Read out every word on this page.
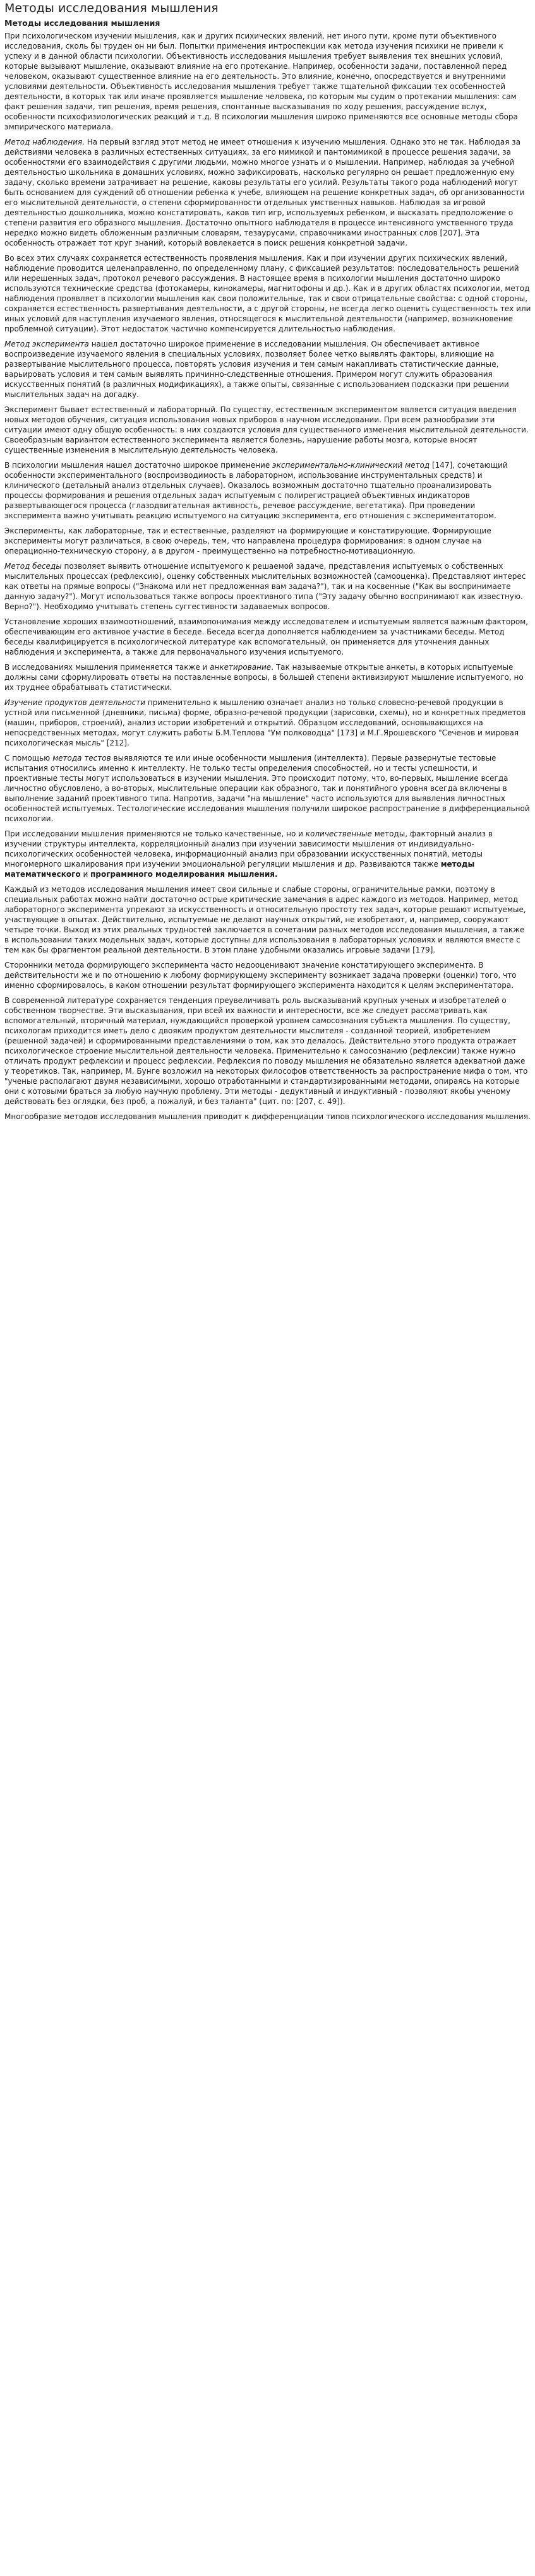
Методы исследования мышления
Методы исследования мышления

При психологическом изучении мышления, как и других психических явлений, нет иного пути, кроме пути объективного исследования, сколь бы труден он ни был. Попытки применения интроспекции как метода изучения психики не привели к успеху и в данной области психологии. Объективность исследования мышления требует выявления тех внешних условий, которые вызывают мышление, оказывают влияние на его протекание. Например, особенности задачи, поставленной перед человеком, оказывают существенное влияние на его деятельность. Это влияние, конечно, опосредствуется и внутренними условиями деятельности. Объективность исследования мышления требует также тщательной фиксации тех особенностей деятельности, в которых так или иначе проявляется мышление человека, по которым мы судим о протекании мышления: сам факт решения задачи, тип решения, время решения, спонтанные высказывания по ходу решения, рассуждение вслух, особенности психофизиологических реакций и т.д. В психологии мышления широко применяются все основные методы сбора эмпирического материала.

Метод наблюдения. На первый взгляд этот метод не имеет отношения к изучению мышления. Однако это не так. Наблюдая за действиями человека в различных естественных ситуациях, за его мимикой и пантомимикой в процессе решения задачи, за особенностями его взаимодействия с другими людьми, можно многое узнать и о мышлении. Например, наблюдая за учебной деятельностью школьника в домашних условиях, можно зафиксировать, насколько регулярно он решает предложенную ему задачу, сколько времени затрачивает на решение, каковы результаты его усилий. Результаты такого рода наблюдений могут быть основанием для суждений об отношении ребенка к учебе, влияющем на решение конкретных задач, об организованности его мыслительной деятельности, о степени сформированности отдельных умственных навыков. Наблюдая за игровой деятельностью дошкольника, можно констатировать, каков тип игр, используемых ребенком, и высказать предположение о степени развития его образного мышления. Достаточно опытного наблюдателя в процессе интенсивного умственного труда нередко можно видеть обложенным различным словарям, тезаурусами, справочниками иностранных слов [207]. Эта особенность отражает тот круг знаний, который вовлекается в поиск решения конкретной задачи.

Во всех этих случаях сохраняется естественность проявления мышления. Как и при изучении других психических явлений, наблюдение проводится целенаправленно, по определенному плану, с фиксацией результатов: последовательность решений или нерешенных задач, протокол речевого рассуждения. В настоящее время в психологии мышления достаточно широко используются технические средства (фотокамеры, кинокамеры, магнитофоны и др.). Как и в других областях психологии, метод наблюдения проявляет в психологии мышления как свои положительные, так и свои отрицательные свойства: с одной стороны, сохраняется естественность развертывания деятельности, а с другой стороны, не всегда легко оценить существенность тех или иных условий для наступления изучаемого явления, относящегося к мыслительной деятельности (например, возникновение проблемной ситуации). Этот недостаток частично компенсируется длительностью наблюдения.

Метод эксперимента нашел достаточно широкое применение в исследовании мышления. Он обеспечивает активное воспроизведение изучаемого явления в специальных условиях, позволяет более четко выявлять факторы, влияющие на развертывание мыслительного процесса, повторять условия изучения и тем самым накапливать статистические данные, варьировать условия и тем самым выявлять причинно-следственные отношения. Примером могут служить образования искусственных понятий (в различных модификациях), а также опыты, связанные с использованием подсказки при решении мыслительных задач на догадку.

Эксперимент бывает естественный и лабораторный. По существу, естественным экспериментом является ситуация введения новых методов обучения, ситуация использования новых приборов в научном исследовании. При всем разнообразии эти ситуации имеют одну общую особенность: в них создаются условия для существенного изменения мыслительной деятельности. Своеобразным вариантом естественного эксперимента является болезнь, нарушение работы мозга, которые вносят существенные изменения в мыслительную деятельность человека.

В психологии мышления нашел достаточно широкое применение экспериментально-клинический метод [147], сочетающий особенности экспериментального (воспроизводимость в лабораторном, использование инструментальных средств) и клинического (детальный анализ отдельных случаев). Оказалось возможным достаточно тщательно проанализировать процессы формирования и решения отдельных задач испытуемым с полирегистрацией объективных индикаторов развертывающегося процесса (глазодвигательная активность, речевое рассуждение, вегетатика). При проведении эксперимента важно учитывать реакцию испытуемого на ситуацию эксперимента, его отношения с экспериментатором.

Эксперименты, как лабораторные, так и естественные, разделяют на формирующие и констатирующие. Формирующие эксперименты могут различаться, в свою очередь, тем, что направлена процедура формирования: в одном случае на операционно-техническую сторону, а в другом - преимущественно на потребностно-мотивационную.

Метод беседы позволяет выявить отношение испытуемого к решаемой задаче, представления испытуемых о собственных мыслительных процессах (рефлексию), оценку собственных мыслительных возможностей (самооценка). Представляют интерес как ответы на прямые вопросы ("Знакома или нет предложенная вам задача?"), так и на косвенные ("Как вы воспринимаете данную задачу?"). Могут использоваться также вопросы проективного типа ("Эту задачу обычно воспринимают как известную. Верно?"). Необходимо учитывать степень суггестивности задаваемых вопросов.

Установление хороших взаимоотношений, взаимопонимания между исследователем и испытуемым является важным фактором, обеспечивающим его активное участие в беседе. Беседа всегда дополняется наблюдением за участниками беседы. Метод беседы квалифицируется в психологической литературе как вспомогательный, он применяется для уточнения данных наблюдения и эксперимента, а также для первоначального изучения испытуемого.

В исследованиях мышления применяется также и анкетирование. Так называемые открытые анкеты, в которых испытуемые должны сами сформулировать ответы на поставленные вопросы, в большей степени активизируют мышление испытуемого, но их труднее обрабатывать статистически.

Изучение продуктов деятельности применительно к мышлению означает анализ но только словесно-речевой продукции в устной или письменной (дневники, письма) форме, образно-речевой продукции (зарисовки, схемы), но и конкретных предметов (машин, приборов, строений), анализ истории изобретений и открытий. Образцом исследований, основывающихся на непосредственных методах, могут служить работы Б.М.Теплова "Ум полководца" [173] и М.Г.Ярошевского "Сеченов и мировая психологическая мысль" [212].

С помощью метода тестов выявляются те или иные особенности мышления (интеллекта). Первые развернутые тестовые испытания относились именно к интеллекту. Не только тесты определения способностей, но и тесты успешности, и проективные тесты могут использоваться в изучении мышления. Это происходит потому, что, во-первых, мышление всегда личностно обусловлено, а во-вторых, мыслительные операции как образного, так и понятийного уровня всегда включены в выполнение заданий проективного типа. Напротив, задачи "на мышление" часто используются для выявления личностных особенностей испытуемых. Тестологические исследования мышления получили широкое распространение в дифференциальной психологии.

При исследовании мышления применяются не только качественные, но и количественные методы, факторный анализ в изучении структуры интеллекта, корреляционный анализ при изучении зависимости мышления от индивидуально-психологических особенностей человека, информационный анализ при образовании искусственных понятий, методы многомерного шкалирования при изучении эмоциональной регуляции мышления и др. Развиваются также методы математического и программного моделирования мышления.

Каждый из методов исследования мышления имеет свои сильные и слабые стороны, ограничительные рамки, поэтому в специальных работах можно найти достаточно острые критические замечания в адрес каждого из методов. Например, метод лабораторного эксперимента упрекают за искусственность и относительную простоту тех задач, которые решают испытуемые, участвующие в опытах. Действительно, испытуемые не делают научных открытий, не изобретают, и, например, сооружают четыре точки. Выход из этих реальных трудностей заключается в сочетании разных методов исследования мышления, а также в использовании таких модельных задач, которые доступны для использования в лабораторных условиях и являются вместе с тем как бы фрагментом реальной деятельности. В этом плане удобными оказались игровые задачи [179].

Сторонники метода формирующего эксперимента часто недооценивают значение констатирующего эксперимента. В действительности же и по отношению к любому формирующему эксперименту возникает задача проверки (оценки) того, что именно сформировалось, в каком отношении результат формирующего эксперимента находится к целям экспериментатора.

В современной литературе сохраняется тенденция преувеличивать роль высказываний крупных ученых и изобретателей о собственном творчестве. Эти высказывания, при всей их важности и интересности, все же следует рассматривать как вспомогательный, вторичный материал, нуждающийся проверкой уровнем самосознания субъекта мышления. По существу, психологам приходится иметь дело с двояким продуктом деятельности мыслителя - созданной теорией, изобретением (решенной задачей) и сформированными представлениями о том, как это делалось. Действительно этого продукта отражает психологическое строение мыслительной деятельности человека. Применительно к самосознанию (рефлексии) также нужно отличать продукт рефлексии и процесс рефлексии. Рефлексия по поводу мышления не обязательно является адекватной даже у теоретиков. Так, например, М. Бунге возложил на некоторых философов ответственность за распространение мифа о том, что "ученые располагают двумя независимыми, хорошо отработанными и стандартизированными методами, опираясь на которые они с котовыми браться за любую научную проблему. Эти методы - дедуктивный и индуктивный - позволяют якобы ученому действовать без оглядки, без проб, а пожалуй, и без таланта" (цит. по: [207, с. 49]).

Многообразие методов исследования мышления приводит к дифференциации типов психологического исследования мышления.
